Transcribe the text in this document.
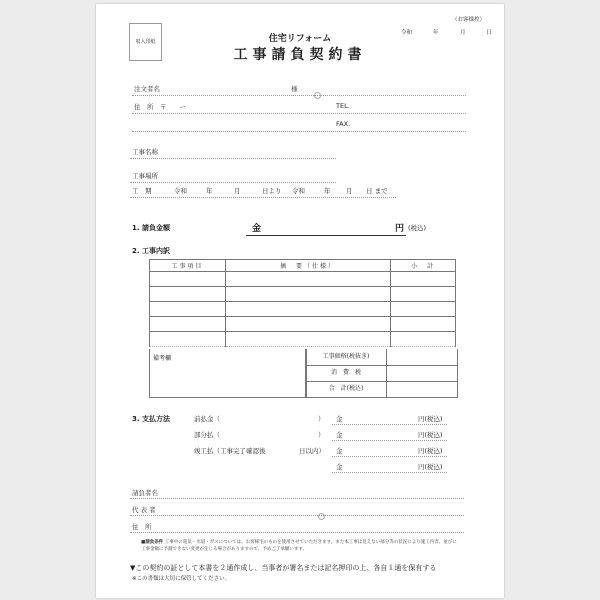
収入印紙
（お客様控）
令和	年	月	日
住宅リフォーム
工事請負契約書
注文者名	様
住　所　〒　　ー	TEL.
FAX.
工事名称
工事場所
工　期	令和	年	月	日より 令和	年 月 日 まで
1. 請負金額	金	円 (税込)
2. 工事内訳
工事項目	摘　要（仕様）	小　計

備考欄	工事価格(税抜き)
消　費　税
合　計(税込)
3. 支払方法	前払金（	） 金	円(税込)
部分払（	） 金	円(税込)
竣工払（工事完了確認後	日以内） 金	円(税込)
金	円(税込)
請負者名
代 表 者
住　所
■請負条件 工事中の電気・水道・ガスについては、お客様宅のものを使用させていただきます。また本工事は見えない部分等の状況により施工内容、並びに工事金額に予測できない変更が生じる場合がありますので、予めご了承願います。
▼この契約の証として本書を２通作成し、当事者が署名または記名押印の上、各自１通を保有する
※この書類は大切に保管してください。
